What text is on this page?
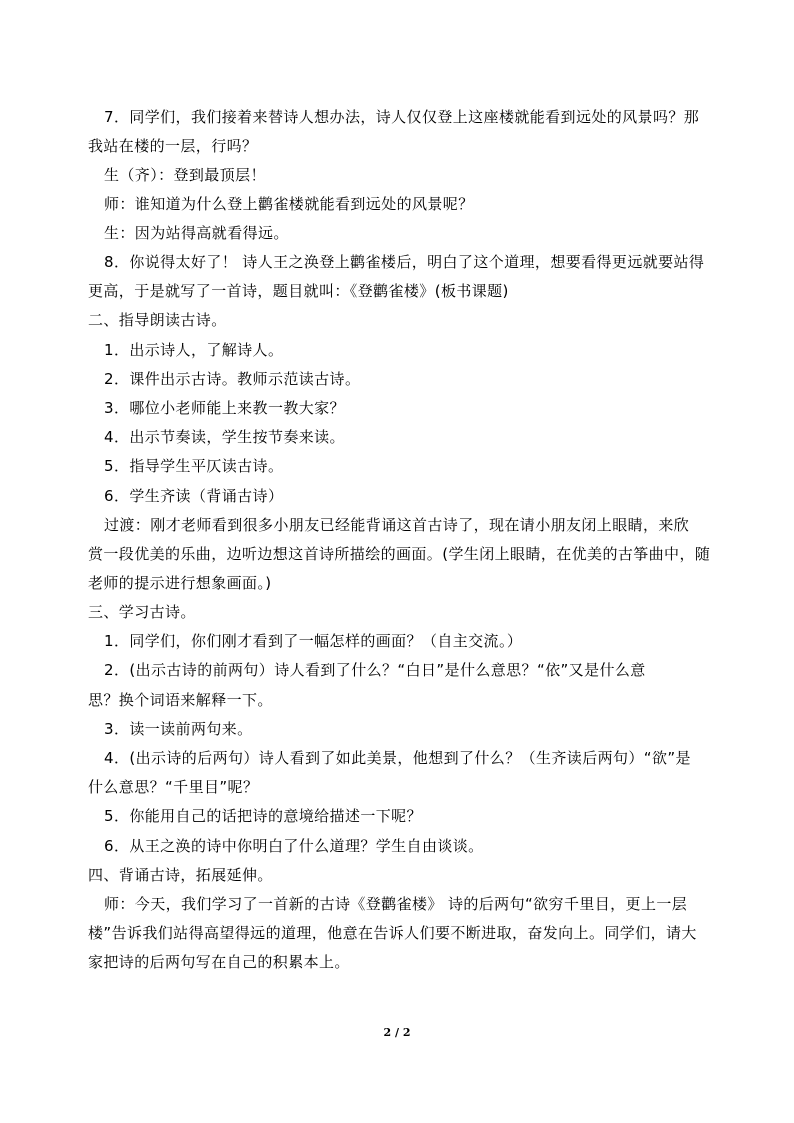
7．同学们，我们接着来替诗人想办法，诗人仅仅登上这座楼就能看到远处的风景吗？那
我站在楼的一层，行吗？
生（齐）：登到最顶层！
师：谁知道为什么登上鹳雀楼就能看到远处的风景呢？
生：因为站得高就看得远。
8．你说得太好了！ 诗人王之涣登上鹳雀楼后，明白了这个道理，想要看得更远就要站得
更高，于是就写了一首诗，题目就叫：《登鹳雀楼》(板书课题)
二、指导朗读古诗。
1．出示诗人，了解诗人。
2．课件出示古诗。教师示范读古诗。
3．哪位小老师能上来教一教大家？
4．出示节奏读，学生按节奏来读。
5．指导学生平仄读古诗。
6．学生齐读（背诵古诗）
过渡：刚才老师看到很多小朋友已经能背诵这首古诗了，现在请小朋友闭上眼睛，来欣
赏一段优美的乐曲，边听边想这首诗所描绘的画面。(学生闭上眼睛，在优美的古筝曲中，随
老师的提示进行想象画面。)
三、学习古诗。
1．同学们，你们刚才看到了一幅怎样的画面？（自主交流。）
2．(出示古诗的前两句）诗人看到了什么？“白日”是什么意思？“依”又是什么意
思？换个词语来解释一下。
3．读一读前两句来。
4．(出示诗的后两句）诗人看到了如此美景，他想到了什么？（生齐读后两句）“欲”是
什么意思？“千里目”呢？
5．你能用自己的话把诗的意境给描述一下呢？
6．从王之涣的诗中你明白了什么道理？学生自由谈谈。
四、背诵古诗，拓展延伸。
师：今天，我们学习了一首新的古诗《登鹳雀楼》 诗的后两句“欲穷千里目，更上一层
楼”告诉我们站得高望得远的道理，他意在告诉人们要不断进取，奋发向上。同学们，请大
家把诗的后两句写在自己的积累本上。
2 / 2
